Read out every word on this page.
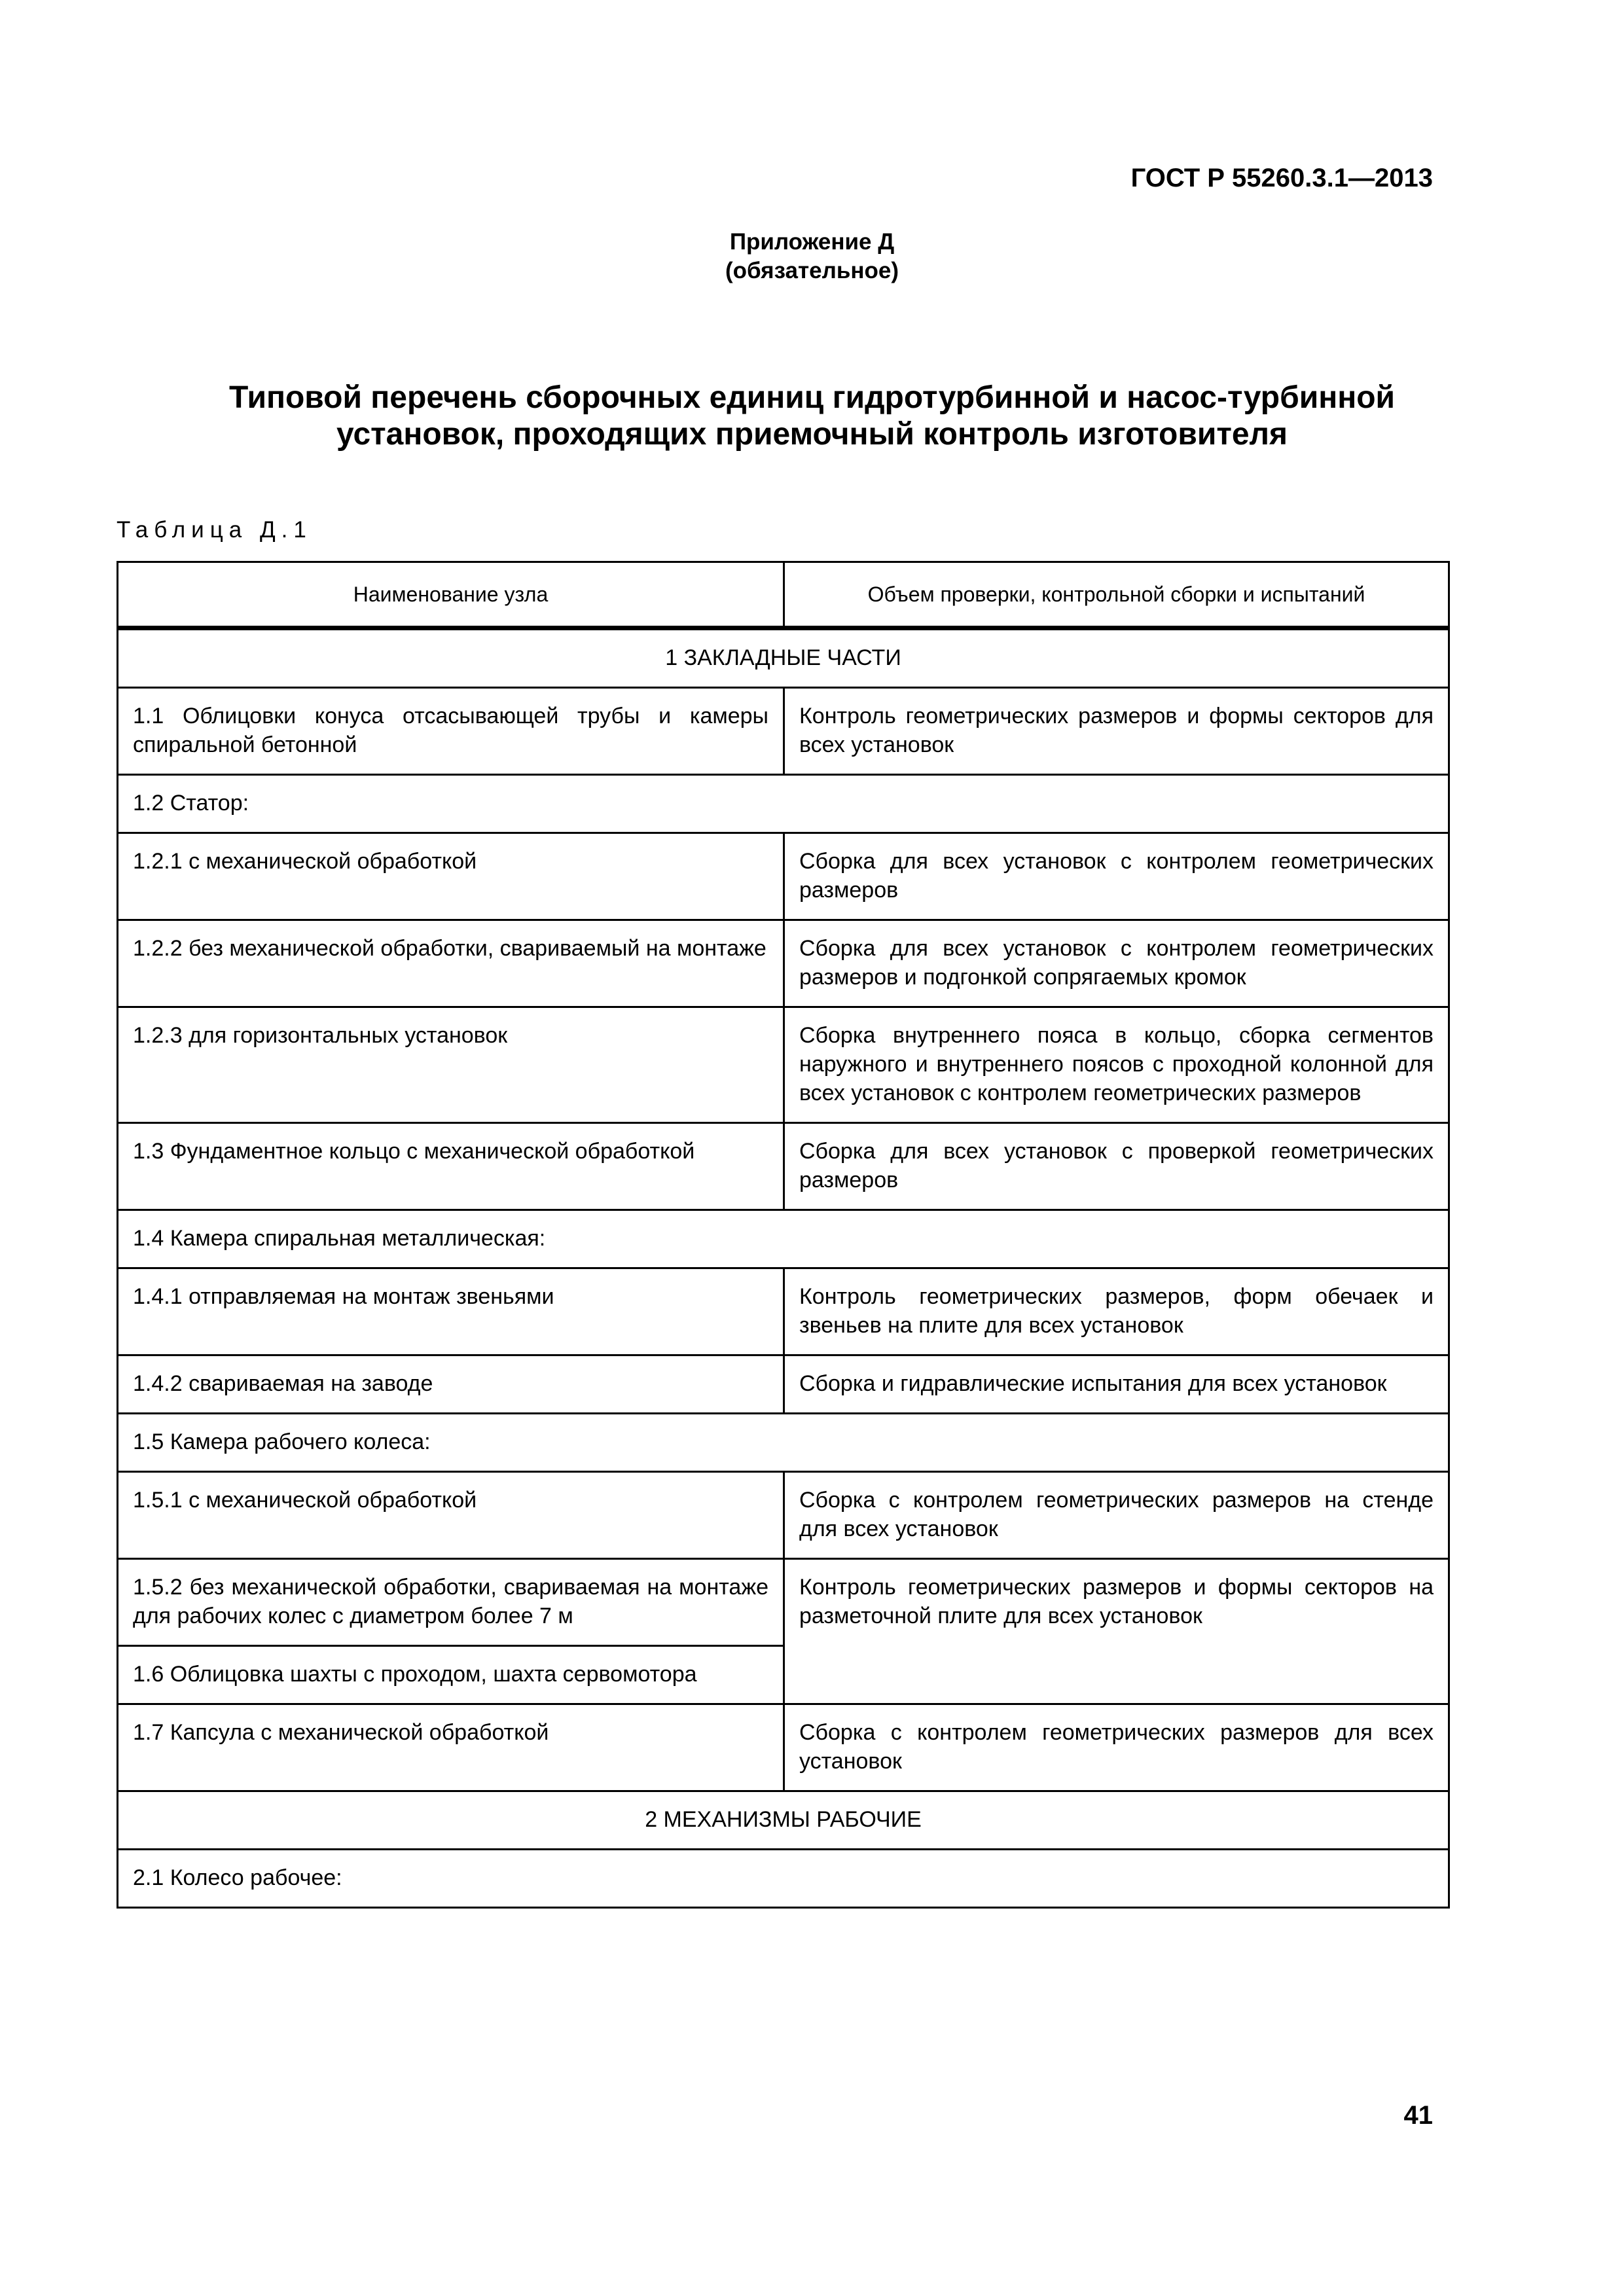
ГОСТ Р 55260.3.1—2013
Приложение Д
(обязательное)
Типовой перечень сборочных единиц гидротурбинной и насос-турбинной
установок, проходящих приемочный контроль изготовителя
Таблица Д.1
Наименование узла	Объем проверки, контрольной сборки и испытаний
1 ЗАКЛАДНЫЕ ЧАСТИ	
1.1 Облицовки конуса отсасывающей трубы и камеры спиральной бетонной	Контроль геометрических размеров и формы секторов для всех установок
1.2 Статор:	
1.2.1 с механической обработкой	Сборка для всех установок с контролем геометрических размеров
1.2.2 без механической обработки, свариваемый на монтаже	Сборка для всех установок с контролем геометрических размеров и подгонкой сопрягаемых кромок
1.2.3 для горизонтальных установок	Сборка внутреннего пояса в кольцо, сборка сегментов наружного и внутреннего поясов с проходной колонной для всех установок с контролем геометрических размеров
1.3 Фундаментное кольцо с механической обработкой	Сборка для всех установок с проверкой геометрических размеров
1.4 Камера спиральная металлическая:	
1.4.1 отправляемая на монтаж звеньями	Контроль геометрических размеров, форм обечаек и звеньев на плите для всех установок
1.4.2 свариваемая на заводе	Сборка и гидравлические испытания для всех установок
1.5 Камера рабочего колеса:	
1.5.1 с механической обработкой	Сборка с контролем геометрических размеров на стенде для всех установок
1.5.2 без механической обработки, свариваемая на монтаже для рабочих колес с диаметром более 7 м	Контроль геометрических размеров и формы секторов на разметочной плите для всех установок
1.6 Облицовка шахты с проходом, шахта сервомотора	
1.7 Капсула с механической обработкой	Сборка с контролем геометрических размеров для всех установок
2 МЕХАНИЗМЫ РАБОЧИЕ	
2.1 Колесо рабочее:	
41
